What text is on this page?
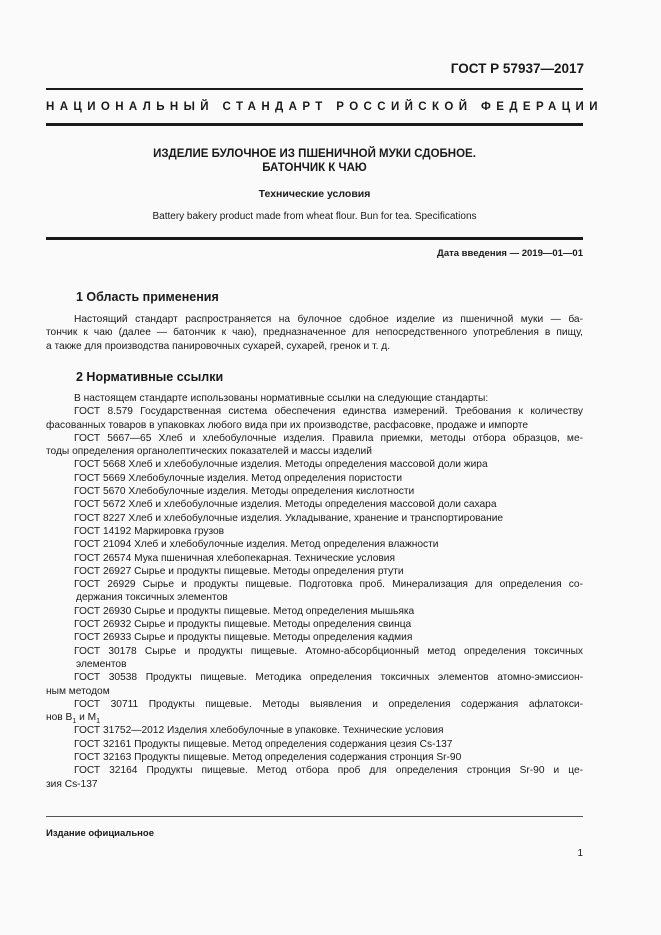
ГОСТ Р 57937—2017
НАЦИОНАЛЬНЫЙ СТАНДАРТ РОССИЙСКОЙ ФЕДЕРАЦИИ
ИЗДЕЛИЕ БУЛОЧНОЕ ИЗ ПШЕНИЧНОЙ МУКИ СДОБНОЕ.
БАТОНЧИК К ЧАЮ
Технические условия
Battery bakery product made from wheat flour. Bun for tea. Specifications
Дата введения — 2019—01—01
1 Область применения
Настоящий стандарт распространяется на булочное сдобное изделие из пшеничной муки — ба-
тончик к чаю (далее — батончик к чаю), предназначенное для непосредственного употребления в пищу,
а также для производства панировочных сухарей, сухарей, гренок и т. д.
2 Нормативные ссылки
В настоящем стандарте использованы нормативные ссылки на следующие стандарты:
ГОСТ 8.579 Государственная система обеспечения единства измерений. Требования к количеству
фасованных товаров в упаковках любого вида при их производстве, расфасовке, продаже и импорте
ГОСТ 5667—65 Хлеб и хлебобулочные изделия. Правила приемки, методы отбора образцов, ме-
тоды определения органолептических показателей и массы изделий
ГОСТ 5668 Хлеб и хлебобулочные изделия. Методы определения массовой доли жира
ГОСТ 5669 Хлебобулочные изделия. Метод определения пористости
ГОСТ 5670 Хлебобулочные изделия. Методы определения кислотности
ГОСТ 5672 Хлеб и хлебобулочные изделия. Методы определения массовой доли сахара
ГОСТ 8227 Хлеб и хлебобулочные изделия. Укладывание, хранение и транспортирование
ГОСТ 14192 Маркировка грузов
ГОСТ 21094 Хлеб и хлебобулочные изделия. Метод определения влажности
ГОСТ 26574 Мука пшеничная хлебопекарная. Технические условия
ГОСТ 26927 Сырье и продукты пищевые. Методы определения ртути
ГОСТ 26929 Сырье и продукты пищевые. Подготовка проб. Минерализация для определения со-
держания токсичных элементов
ГОСТ 26930 Сырье и продукты пищевые. Метод определения мышьяка
ГОСТ 26932 Сырье и продукты пищевые. Методы определения свинца
ГОСТ 26933 Сырье и продукты пищевые. Методы определения кадмия
ГОСТ 30178 Сырье и продукты пищевые. Атомно-абсорбционный метод определения токсичных
элементов
ГОСТ 30538 Продукты пищевые. Методика определения токсичных элементов атомно-эмиссион-
ным методом
ГОСТ 30711 Продукты пищевые. Методы выявления и определения содержания афлатокси-
нов $B_1$ и $M_1$
ГОСТ 31752—2012 Изделия хлебобулочные в упаковке. Технические условия
ГОСТ 32161 Продукты пищевые. Метод определения содержания цезия Cs-137
ГОСТ 32163 Продукты пищевые. Метод определения содержания стронция Sr-90
ГОСТ 32164 Продукты пищевые. Метод отбора проб для определения стронция Sr-90 и це-
зия Cs-137
Издание официальное
1
